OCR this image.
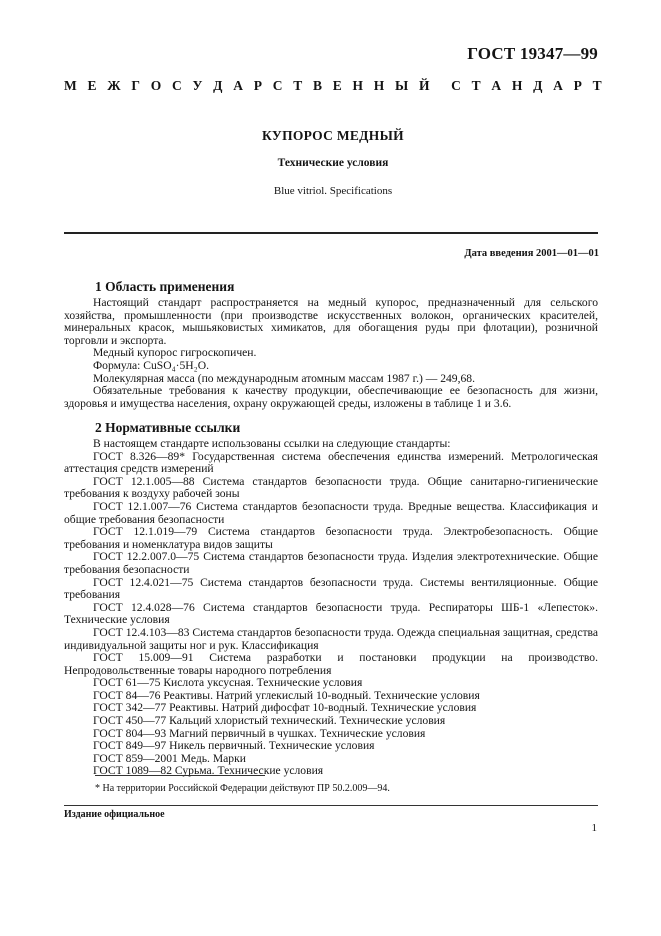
ГОСТ 19347—99
М Е Ж Г О С У Д А Р С Т В Е Н Н Ы Й С Т А Н Д А Р Т
КУПОРОС МЕДНЫЙ
Технические условия
Blue vitriol. Specifications
Дата введения 2001—01—01
1 Область применения

Настоящий стандарт распространяется на медный купорос, предназначенный для сельского хозяйства, промышленности (при производстве искусственных волокон, органических красителей, минеральных красок, мышьяковистых химикатов, для обогащения руды при флотации), розничной торговли и экспорта.

Медный купорос гигроскопичен.

Формула: CuSO₄·5H₂O.

Молекулярная масса (по международным атомным массам 1987 г.) — 249,68.

Обязательные требования к качеству продукции, обеспечивающие ее безопасность для жизни, здоровья и имущества населения, охрану окружающей среды, изложены в таблице 1 и 3.6.

2 Нормативные ссылки

В настоящем стандарте использованы ссылки на следующие стандарты:

ГОСТ 8.326—89* Государственная система обеспечения единства измерений. Метрологическая аттестация средств измерений

ГОСТ 12.1.005—88 Система стандартов безопасности труда. Общие санитарно-гигиенические требования к воздуху рабочей зоны

ГОСТ 12.1.007—76 Система стандартов безопасности труда. Вредные вещества. Классификация и общие требования безопасности

ГОСТ 12.1.019—79 Система стандартов безопасности труда. Электробезопасность. Общие требования и номенклатура видов защиты

ГОСТ 12.2.007.0—75 Система стандартов безопасности труда. Изделия электротехнические. Общие требования безопасности

ГОСТ 12.4.021—75 Система стандартов безопасности труда. Системы вентиляционные. Общие требования

ГОСТ 12.4.028—76 Система стандартов безопасности труда. Респираторы ШБ-1 «Лепесток». Технические условия

ГОСТ 12.4.103—83 Система стандартов безопасности труда. Одежда специальная защитная, средства индивидуальной защиты ног и рук. Классификация

ГОСТ 15.009—91 Система разработки и постановки продукции на производство. Непродовольственные товары народного потребления

ГОСТ 61—75 Кислота уксусная. Технические условия

ГОСТ 84—76 Реактивы. Натрий углекислый 10-водный. Технические условия

ГОСТ 342—77 Реактивы. Натрий дифосфат 10-водный. Технические условия

ГОСТ 450—77 Кальций хлористый технический. Технические условия

ГОСТ 804—93 Магний первичный в чушках. Технические условия

ГОСТ 849—97 Никель первичный. Технические условия

ГОСТ 859—2001 Медь. Марки

ГОСТ 1089—82 Сурьма. Технические условия

* На территории Российской Федерации действуют ПР 50.2.009—94.
Издание официальное
1
